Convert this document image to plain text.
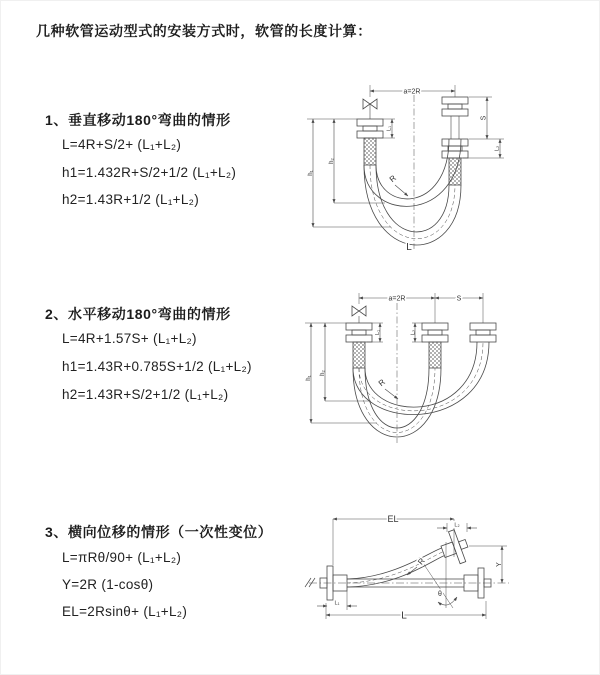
几种软管运动型式的安装方式时，软管的长度计算：
1、垂直移动180°弯曲的情形
L=4R+S/2+ (L₁+L₂)
h1=1.432R+S/2+1/2 (L₁+L₂)
h2=1.43R+1/2 (L₁+L₂)
2、水平移动180°弯曲的情形
L=4R+1.57S+ (L₁+L₂)
h1=1.43R+0.785S+1/2 (L₁+L₂)
h2=1.43R+S/2+1/2 (L₁+L₂)
3、横向位移的情形（一次性变位）
L=πRθ/90+ (L₁+L₂)
Y=2R (1-cosθ)
EL=2Rsinθ+ (L₁+L₂)
a=2R
S
L₂
L₁
h₂
h₁
R
L
a=2R	S
h₂
h₁
L₁	L₂
R
EL
L₂
Y
L
L₁
R
θ
